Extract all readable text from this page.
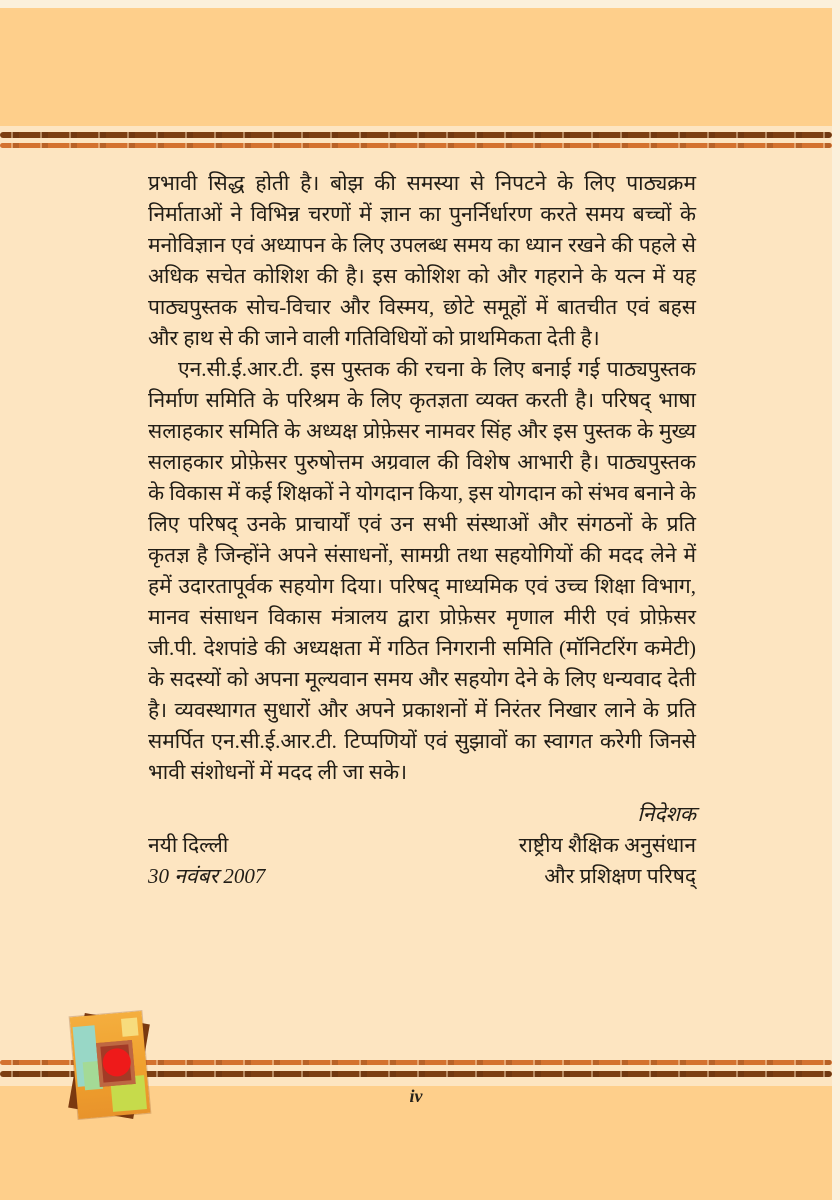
प्रभावी सिद्ध होती है। बोझ की समस्या से निपटने के लिए पाठ्यक्रम निर्माताओं ने विभिन्न चरणों में ज्ञान का पुनर्निर्धारण करते समय बच्चों के मनोविज्ञान एवं अध्यापन के लिए उपलब्ध समय का ध्यान रखने की पहले से अधिक सचेत कोशिश की है। इस कोशिश को और गहराने के यत्न में यह पाठ्यपुस्तक सोच-विचार और विस्मय, छोटे समूहों में बातचीत एवं बहस और हाथ से की जाने वाली गतिविधियों को प्राथमिकता देती है।

एन.सी.ई.आर.टी. इस पुस्तक की रचना के लिए बनाई गई पाठ्यपुस्तक निर्माण समिति के परिश्रम के लिए कृतज्ञता व्यक्त करती है। परिषद् भाषा सलाहकार समिति के अध्यक्ष प्रोफ़ेसर नामवर सिंह और इस पुस्तक के मुख्य सलाहकार प्रोफ़ेसर पुरुषोत्तम अग्रवाल की विशेष आभारी है। पाठ्यपुस्तक के विकास में कई शिक्षकों ने योगदान किया, इस योगदान को संभव बनाने के लिए परिषद् उनके प्राचार्यों एवं उन सभी संस्थाओं और संगठनों के प्रति कृतज्ञ है जिन्होंने अपने संसाधनों, सामग्री तथा सहयोगियों की मदद लेने में हमें उदारतापूर्वक सहयोग दिया। परिषद् माध्यमिक एवं उच्च शिक्षा विभाग, मानव संसाधन विकास मंत्रालय द्वारा प्रोफ़ेसर मृणाल मीरी एवं प्रोफ़ेसर जी.पी. देशपांडे की अध्यक्षता में गठित निगरानी समिति (मॉनिटरिंग कमेटी) के सदस्यों को अपना मूल्यवान समय और सहयोग देने के लिए धन्यवाद देती है। व्यवस्थागत सुधारों और अपने प्रकाशनों में निरंतर निखार लाने के प्रति समर्पित एन.सी.ई.आर.टी. टिप्पणियों एवं सुझावों का स्वागत करेगी जिनसे भावी संशोधनों में मदद ली जा सके।

निदेशक
नयी दिल्ली	राष्ट्रीय शैक्षिक अनुसंधान
30 नवंबर 2007	और प्रशिक्षण परिषद्
iv
